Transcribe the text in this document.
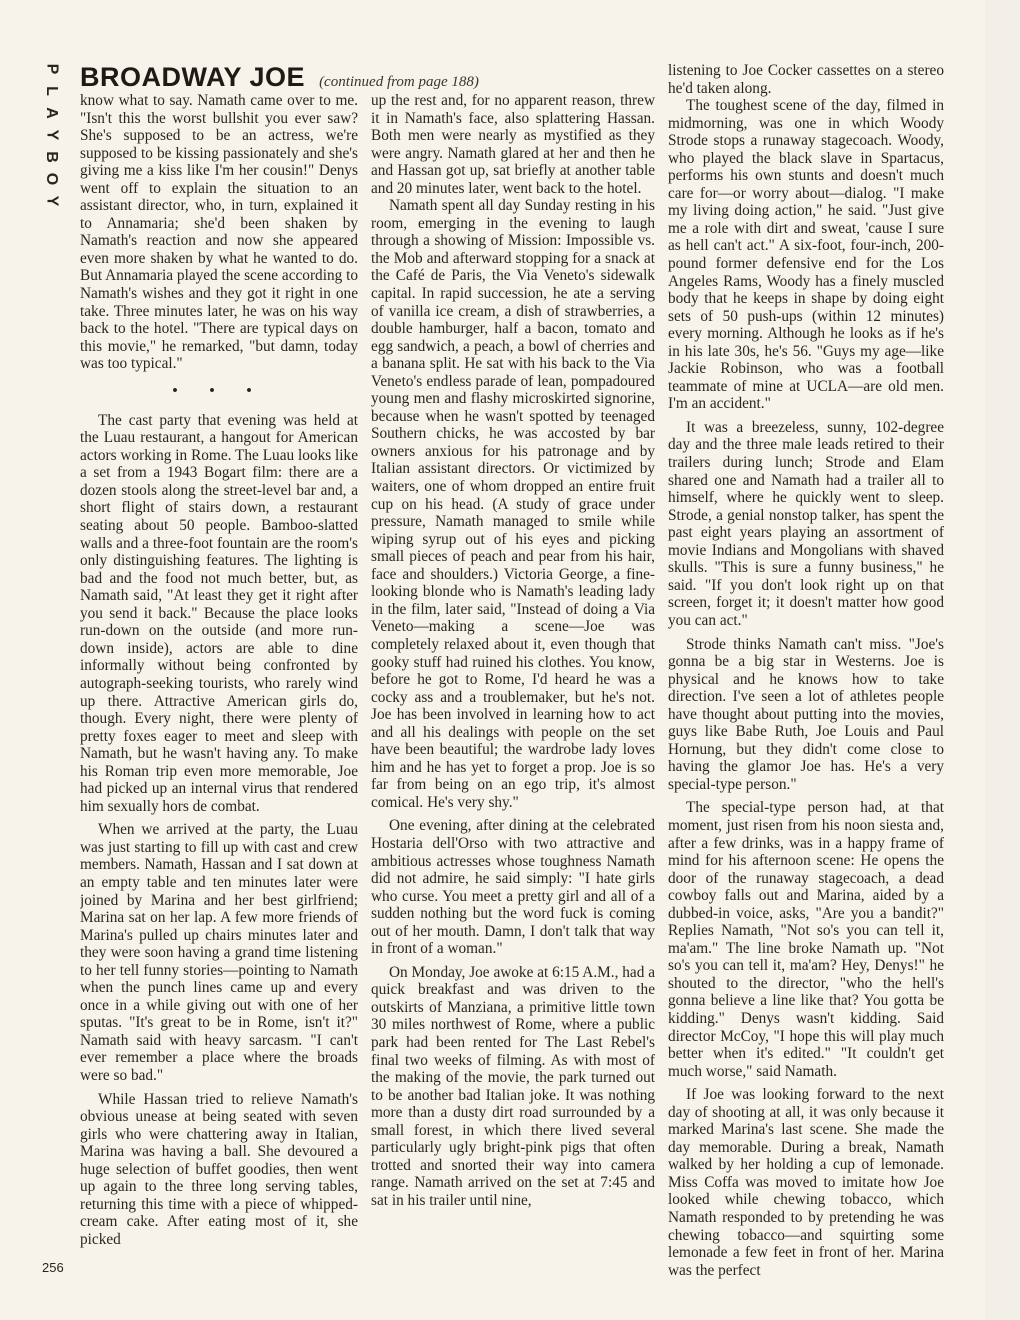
P
L
A
Y
B
O
Y
BROADWAY JOE (continued from page 188)

know what to say. Namath came over to me. "Isn't this the worst bullshit you ever saw? She's supposed to be an actress, we're supposed to be kissing passionately and she's giving me a kiss like I'm her cousin!" Denys went off to explain the situation to an assistant director, who, in turn, explained it to Annamaria; she'd been shaken by Namath's reaction and now she appeared even more shaken by what he wanted to do. But Annamaria played the scene according to Namath's wishes and they got it right in one take. Three minutes later, he was on his way back to the hotel. "There are typical days on this movie," he remarked, "but damn, today was too typical."

• • •

The cast party that evening was held at the Luau restaurant, a hangout for American actors working in Rome. The Luau looks like a set from a 1943 Bogart film: there are a dozen stools along the street-level bar and, a short flight of stairs down, a restaurant seating about 50 people. Bamboo-slatted walls and a three-foot fountain are the room's only distinguishing features. The lighting is bad and the food not much better, but, as Namath said, "At least they get it right after you send it back." Because the place looks run-down on the outside (and more run-down inside), actors are able to dine informally without being confronted by autograph-seeking tourists, who rarely wind up there. Attractive American girls do, though. Every night, there were plenty of pretty foxes eager to meet and sleep with Namath, but he wasn't having any. To make his Roman trip even more memorable, Joe had picked up an internal virus that rendered him sexually hors de combat.

When we arrived at the party, the Luau was just starting to fill up with cast and crew members. Namath, Hassan and I sat down at an empty table and ten minutes later were joined by Marina and her best girlfriend; Marina sat on her lap. A few more friends of Marina's pulled up chairs minutes later and they were soon having a grand time listening to her tell funny stories—pointing to Namath when the punch lines came up and every once in a while giving out with one of her sputas. "It's great to be in Rome, isn't it?" Namath said with heavy sarcasm. "I can't ever remember a place where the broads were so bad."

While Hassan tried to relieve Namath's obvious unease at being seated with seven girls who were chattering away in Italian, Marina was having a ball. She devoured a huge selection of buffet goodies, then went up again to the three long serving tables, returning this time with a piece of whipped-cream cake. After eating most of it, she picked

up the rest and, for no apparent reason, threw it in Namath's face, also splattering Hassan. Both men were nearly as mystified as they were angry. Namath glared at her and then he and Hassan got up, sat briefly at another table and 20 minutes later, went back to the hotel.

Namath spent all day Sunday resting in his room, emerging in the evening to laugh through a showing of Mission: Impossible vs. the Mob and afterward stopping for a snack at the Café de Paris, the Via Veneto's sidewalk capital. In rapid succession, he ate a serving of vanilla ice cream, a dish of strawberries, a double hamburger, half a bacon, tomato and egg sandwich, a peach, a bowl of cherries and a banana split. He sat with his back to the Via Veneto's endless parade of lean, pompadoured young men and flashy microskirted signorine, because when he wasn't spotted by teenaged Southern chicks, he was accosted by bar owners anxious for his patronage and by Italian assistant directors. Or victimized by waiters, one of whom dropped an entire fruit cup on his head. (A study of grace under pressure, Namath managed to smile while wiping syrup out of his eyes and picking small pieces of peach and pear from his hair, face and shoulders.) Victoria George, a fine-looking blonde who is Namath's leading lady in the film, later said, "Instead of doing a Via Veneto—making a scene—Joe was completely relaxed about it, even though that gooky stuff had ruined his clothes. You know, before he got to Rome, I'd heard he was a cocky ass and a troublemaker, but he's not. Joe has been involved in learning how to act and all his dealings with people on the set have been beautiful; the wardrobe lady loves him and he has yet to forget a prop. Joe is so far from being on an ego trip, it's almost comical. He's very shy."

One evening, after dining at the celebrated Hostaria dell'Orso with two attractive and ambitious actresses whose toughness Namath did not admire, he said simply: "I hate girls who curse. You meet a pretty girl and all of a sudden nothing but the word fuck is coming out of her mouth. Damn, I don't talk that way in front of a woman."

On Monday, Joe awoke at 6:15 A.M., had a quick breakfast and was driven to the outskirts of Manziana, a primitive little town 30 miles northwest of Rome, where a public park had been rented for The Last Rebel's final two weeks of filming. As with most of the making of the movie, the park turned out to be another bad Italian joke. It was nothing more than a dusty dirt road surrounded by a small forest, in which there lived several particularly ugly bright-pink pigs that often trotted and snorted their way into camera range. Namath arrived on the set at 7:45 and sat in his trailer until nine,

listening to Joe Cocker cassettes on a stereo he'd taken along.

The toughest scene of the day, filmed in midmorning, was one in which Woody Strode stops a runaway stagecoach. Woody, who played the black slave in Spartacus, performs his own stunts and doesn't much care for—or worry about—dialog. "I make my living doing action," he said. "Just give me a role with dirt and sweat, 'cause I sure as hell can't act." A six-foot, four-inch, 200-pound former defensive end for the Los Angeles Rams, Woody has a finely muscled body that he keeps in shape by doing eight sets of 50 push-ups (within 12 minutes) every morning. Although he looks as if he's in his late 30s, he's 56. "Guys my age—like Jackie Robinson, who was a football teammate of mine at UCLA—are old men. I'm an accident."

It was a breezeless, sunny, 102-degree day and the three male leads retired to their trailers during lunch; Strode and Elam shared one and Namath had a trailer all to himself, where he quickly went to sleep. Strode, a genial nonstop talker, has spent the past eight years playing an assortment of movie Indians and Mongolians with shaved skulls. "This is sure a funny business," he said. "If you don't look right up on that screen, forget it; it doesn't matter how good you can act."

Strode thinks Namath can't miss. "Joe's gonna be a big star in Westerns. Joe is physical and he knows how to take direction. I've seen a lot of athletes people have thought about putting into the movies, guys like Babe Ruth, Joe Louis and Paul Hornung, but they didn't come close to having the glamor Joe has. He's a very special-type person."

The special-type person had, at that moment, just risen from his noon siesta and, after a few drinks, was in a happy frame of mind for his afternoon scene: He opens the door of the runaway stagecoach, a dead cowboy falls out and Marina, aided by a dubbed-in voice, asks, "Are you a bandit?" Replies Namath, "Not so's you can tell it, ma'am." The line broke Namath up. "Not so's you can tell it, ma'am? Hey, Denys!" he shouted to the director, "who the hell's gonna believe a line like that? You gotta be kidding." Denys wasn't kidding. Said director McCoy, "I hope this will play much better when it's edited." "It couldn't get much worse," said Namath.

If Joe was looking forward to the next day of shooting at all, it was only because it marked Marina's last scene. She made the day memorable. During a break, Namath walked by her holding a cup of lemonade. Miss Coffa was moved to imitate how Joe looked while chewing tobacco, which Namath responded to by pretending he was chewing tobacco—and squirting some lemonade a few feet in front of her. Marina was the perfect

256
